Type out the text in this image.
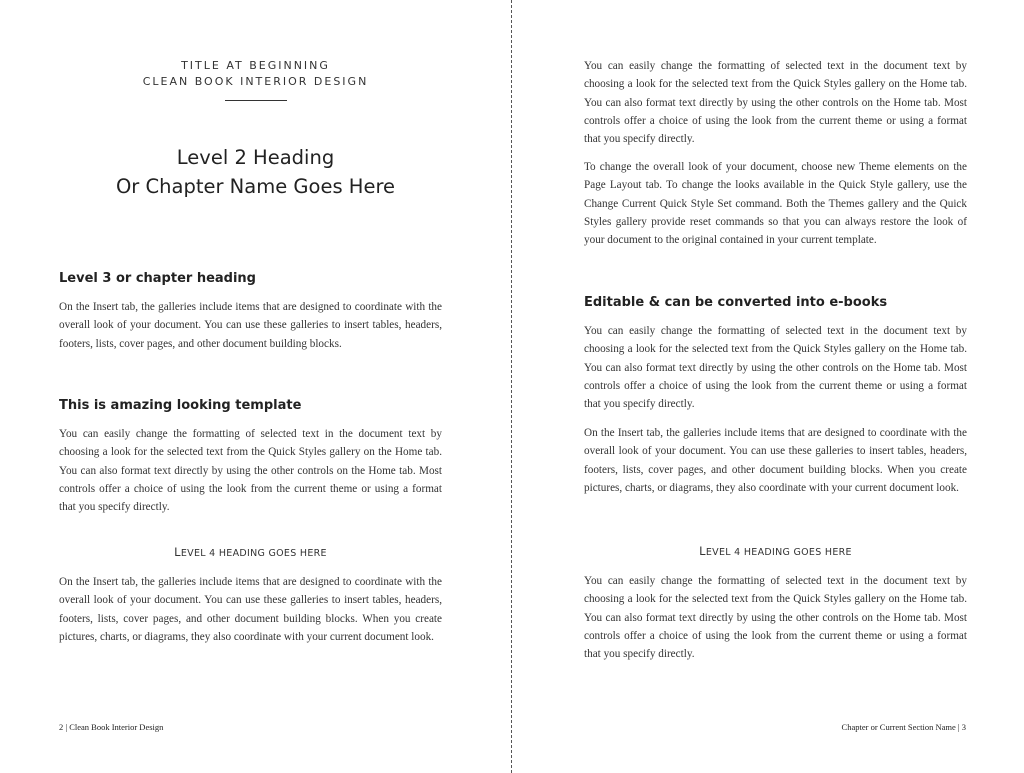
TITLE AT BEGINNING
CLEAN BOOK INTERIOR DESIGN
Level 2 Heading
Or Chapter Name Goes Here
Level 3 or chapter heading

On the Insert tab, the galleries include items that are designed to coordinate with the overall look of your document. You can use these galleries to insert tables, headers, footers, lists, cover pages, and other document building blocks.

This is amazing looking template

You can easily change the formatting of selected text in the document text by choosing a look for the selected text from the Quick Styles gallery on the Home tab. You can also format text directly by using the other controls on the Home tab. Most controls offer a choice of using the look from the current theme or using a format that you specify directly.

LEVEL 4 HEADING GOES HERE

On the Insert tab, the galleries include items that are designed to coordinate with the overall look of your document. You can use these galleries to insert tables, headers, footers, lists, cover pages, and other document building blocks. When you create pictures, charts, or diagrams, they also coordinate with your current document look.

2 | Clean Book Interior Design

You can easily change the formatting of selected text in the document text by choosing a look for the selected text from the Quick Styles gallery on the Home tab. You can also format text directly by using the other controls on the Home tab. Most controls offer a choice of using the look from the current theme or using a format that you specify directly.

To change the overall look of your document, choose new Theme elements on the Page Layout tab. To change the looks available in the Quick Style gallery, use the Change Current Quick Style Set command. Both the Themes gallery and the Quick Styles gallery provide reset commands so that you can always restore the look of your document to the original contained in your current template.

Editable & can be converted into e-books

You can easily change the formatting of selected text in the document text by choosing a look for the selected text from the Quick Styles gallery on the Home tab. You can also format text directly by using the other controls on the Home tab. Most controls offer a choice of using the look from the current theme or using a format that you specify directly.

On the Insert tab, the galleries include items that are designed to coordinate with the overall look of your document. You can use these galleries to insert tables, headers, footers, lists, cover pages, and other document building blocks. When you create pictures, charts, or diagrams, they also coordinate with your current document look.

LEVEL 4 HEADING GOES HERE

You can easily change the formatting of selected text in the document text by choosing a look for the selected text from the Quick Styles gallery on the Home tab. You can also format text directly by using the other controls on the Home tab. Most controls offer a choice of using the look from the current theme or using a format that you specify directly.

Chapter or Current Section Name | 3
